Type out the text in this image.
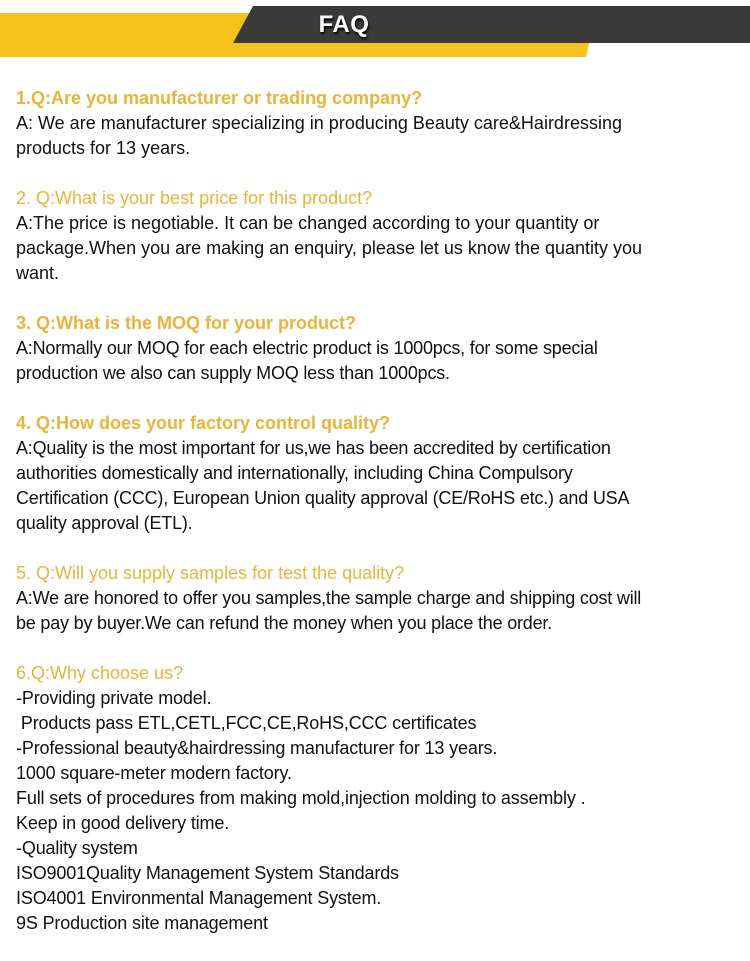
FAQ
1.Q:Are you manufacturer or trading company?
A: We are manufacturer specializing in producing Beauty care&Hairdressing
products for 13 years.
2. Q:What is your best price for this product?
A:The price is negotiable. It can be changed according to your quantity or
package.When you are making an enquiry, please let us know the quantity you
want.
3. Q:What is the MOQ for your product?
A:Normally our MOQ for each electric product is 1000pcs, for some special
production we also can supply MOQ less than 1000pcs.
4. Q:How does your factory control quality?
A:Quality is the most important for us,we has been accredited by certification
authorities domestically and internationally, including China Compulsory
Certification (CCC), European Union quality approval (CE/RoHS etc.) and USA
quality approval (ETL).
5. Q:Will you supply samples for test the quality?
A:We are honored to offer you samples,the sample charge and shipping cost will
be pay by buyer.We can refund the money when you place the order.
6.Q:Why choose us?
-Providing private model.
Products pass ETL,CETL,FCC,CE,RoHS,CCC certificates
-Professional beauty&hairdressing manufacturer for 13 years.
1000 square-meter modern factory.
Full sets of procedures from making mold,injection molding to assembly .
Keep in good delivery time.
-Quality system
ISO9001Quality Management System Standards
ISO4001 Environmental Management System.
9S Production site management
